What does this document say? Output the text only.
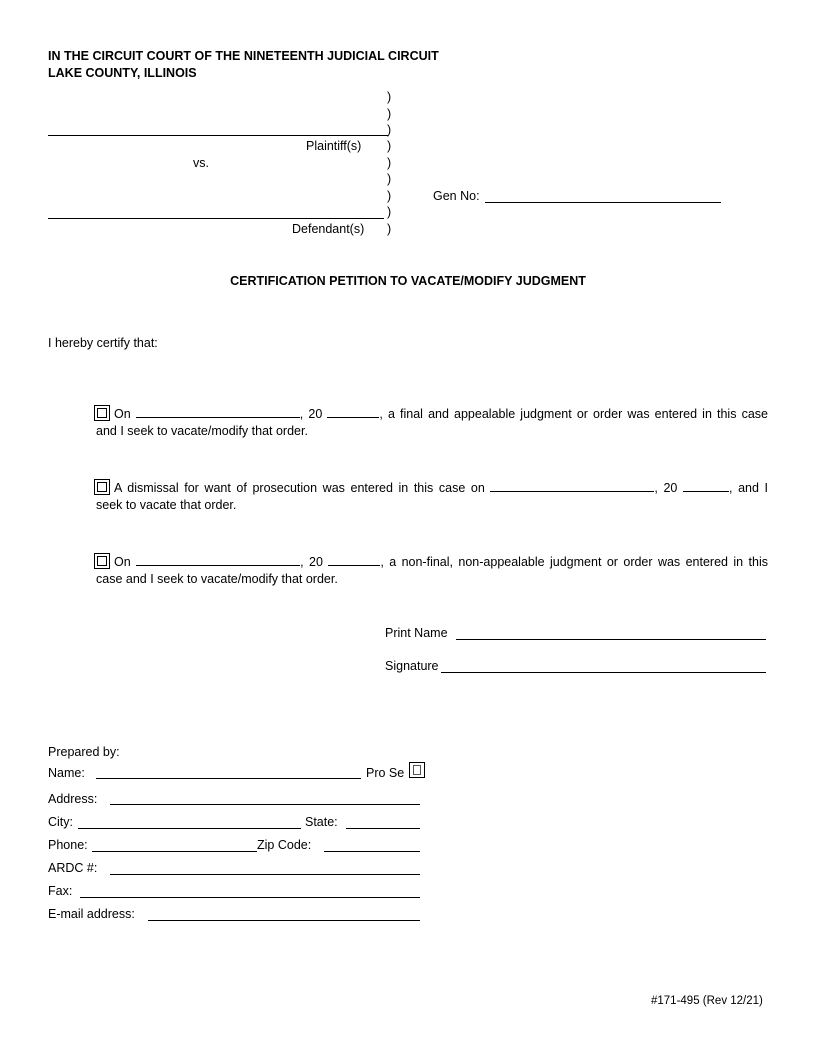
IN THE CIRCUIT COURT OF THE NINETEENTH JUDICIAL CIRCUIT
LAKE COUNTY, ILLINOIS
)
)
)
)
)
)
)
)
)
Plaintiff(s)
vs.
Defendant(s)
Gen No:
CERTIFICATION PETITION TO VACATE/MODIFY JUDGMENT
I hereby certify that:
On	, 20	, a final and appealable judgment or order was entered in this case
and I seek to vacate/modify that order.
A dismissal for want of prosecution was entered in this case on	, 20	, and I
seek to vacate that order.
On	, 20	, a non-final, non-appealable judgment or order was entered in this
case and I seek to vacate/modify that order.
Print Name
Signature
Prepared by:
Name:	Pro Se
Address:
City:	State:
Phone:	Zip Code:
ARDC #:
Fax:
E-mail address:
#171-495 (Rev 12/21)
